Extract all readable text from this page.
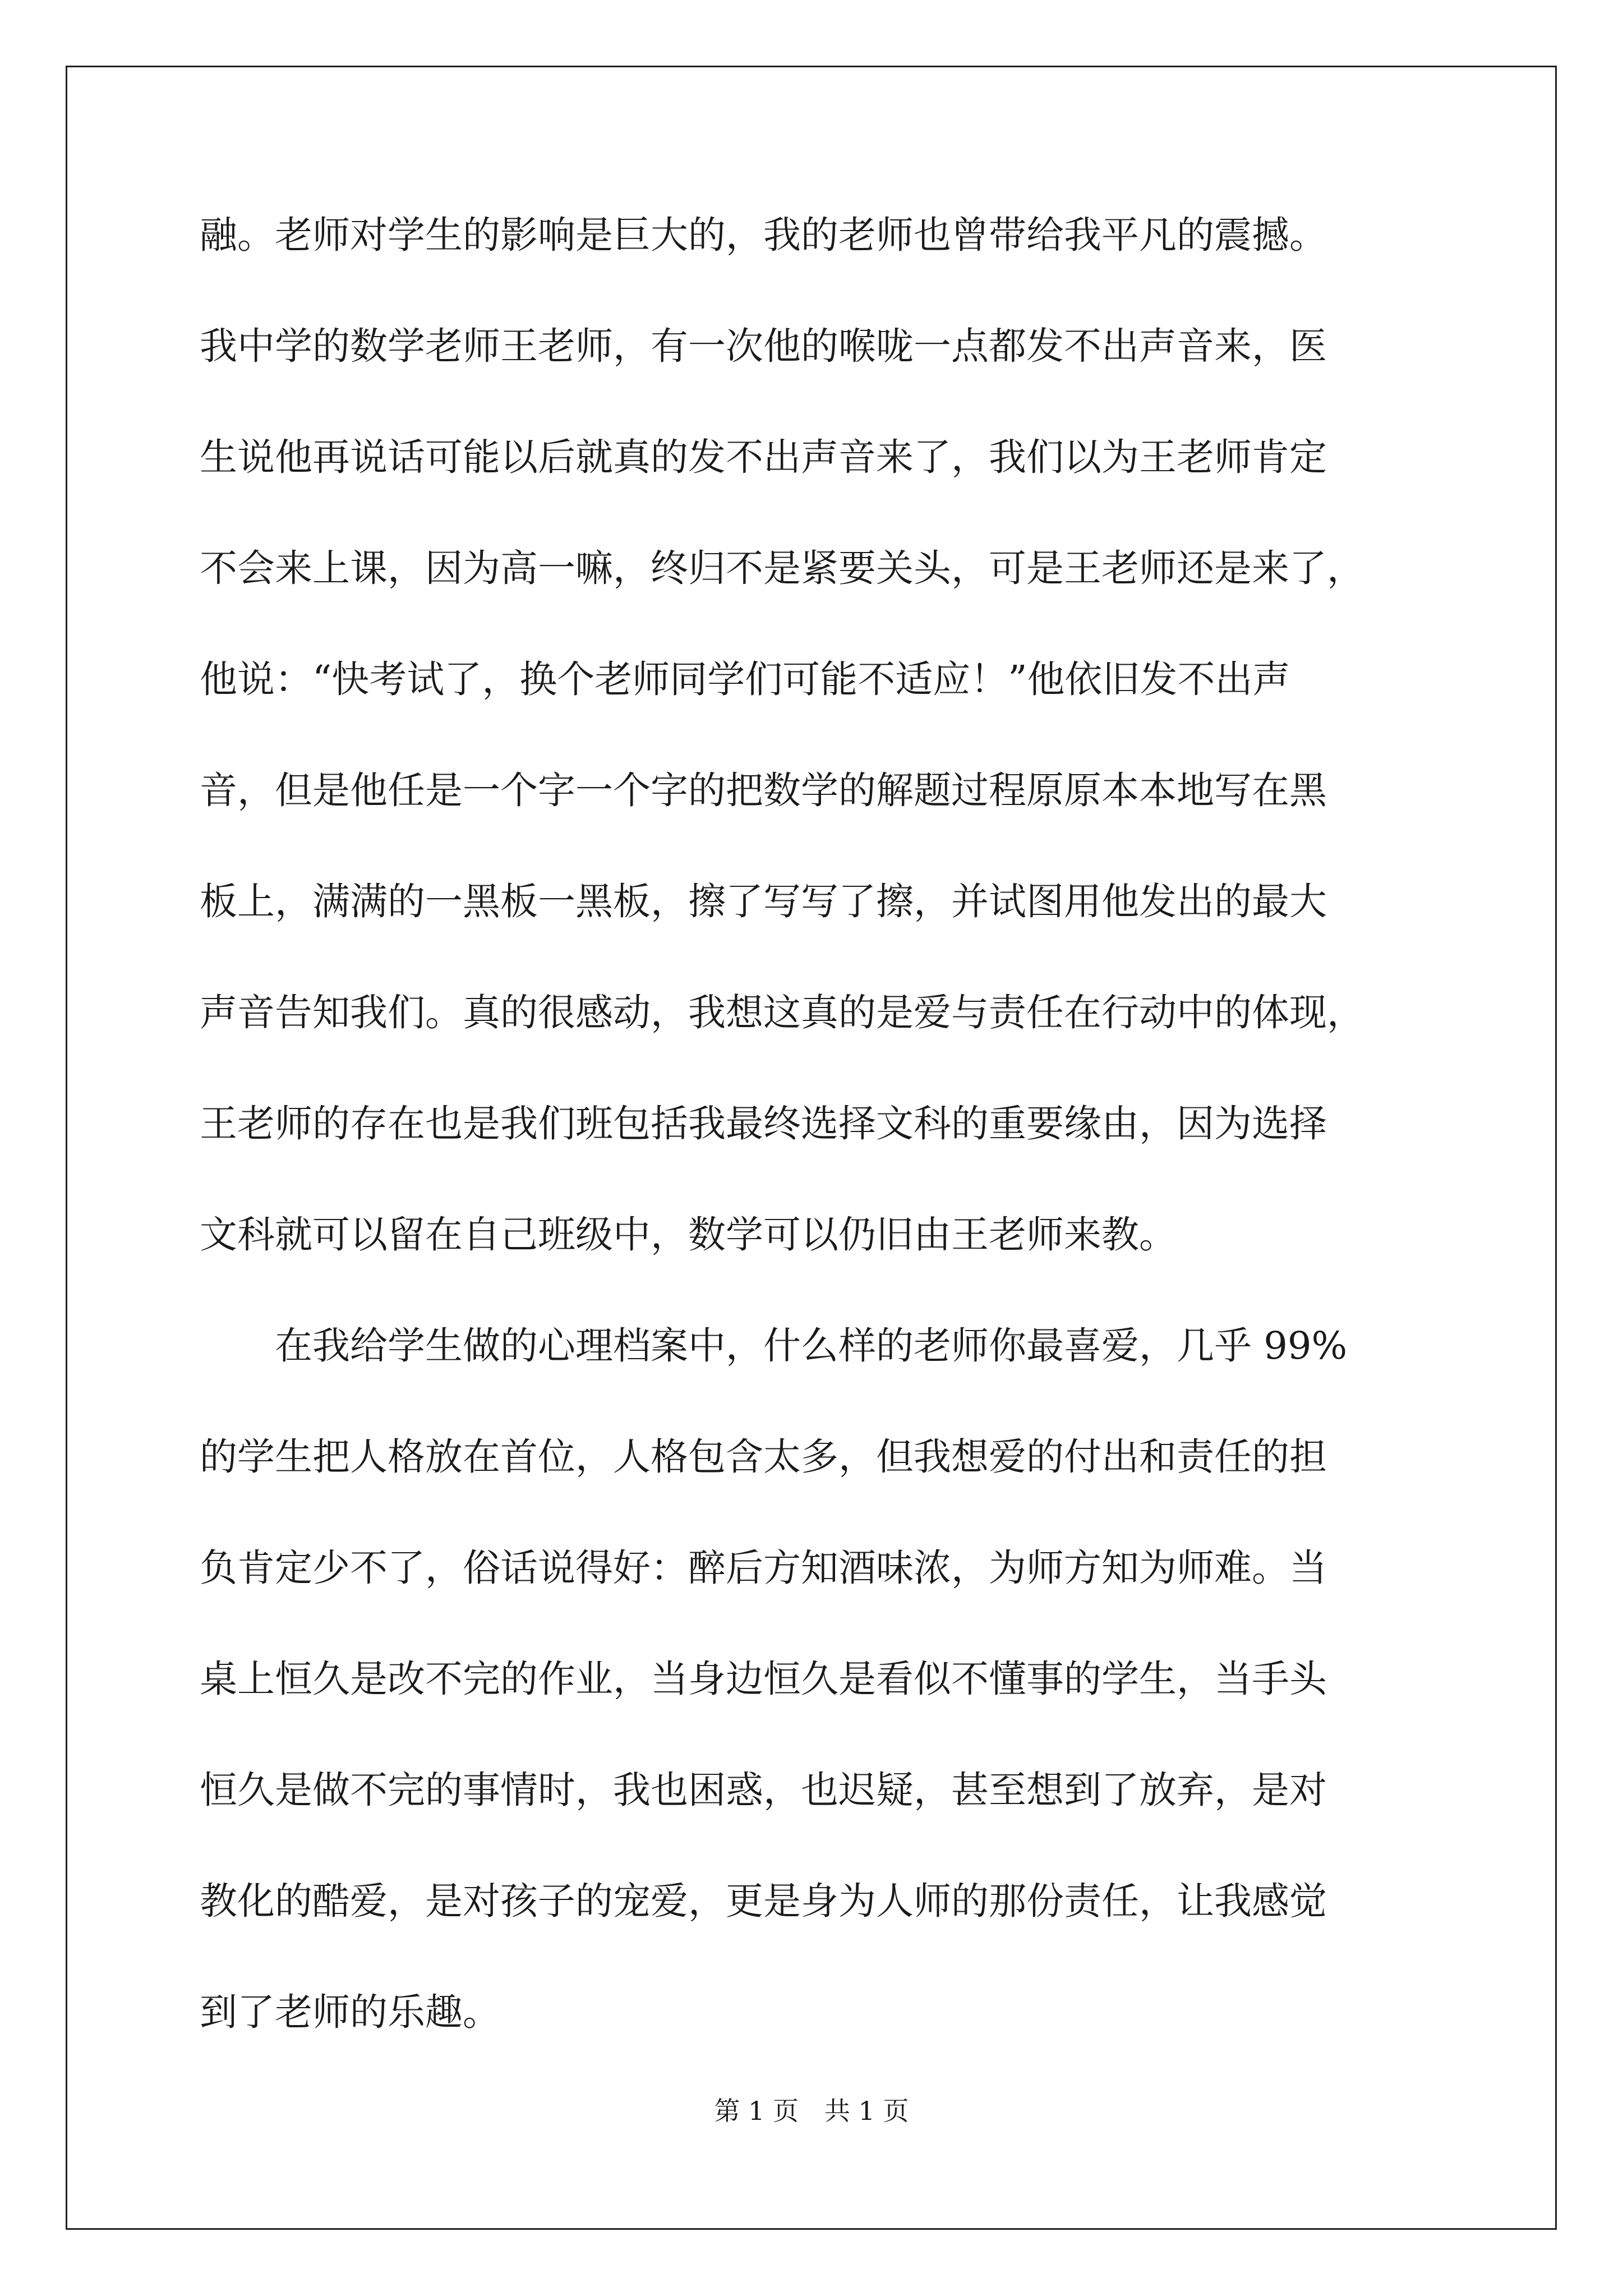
融。老师对学生的影响是巨大的，我的老师也曾带给我平凡的震撼。
我中学的数学老师王老师，有一次他的喉咙一点都发不出声音来，医
生说他再说话可能以后就真的发不出声音来了，我们以为王老师肯定
不会来上课，因为高一嘛，终归不是紧要关头，可是王老师还是来了，
他说：“快考试了，换个老师同学们可能不适应！”他依旧发不出声
音，但是他任是一个字一个字的把数学的解题过程原原本本地写在黑
板上，满满的一黑板一黑板，擦了写写了擦，并试图用他发出的最大
声音告知我们。真的很感动，我想这真的是爱与责任在行动中的体现，
王老师的存在也是我们班包括我最终选择文科的重要缘由，因为选择
文科就可以留在自己班级中，数学可以仍旧由王老师来教。

在我给学生做的心理档案中，什么样的老师你最喜爱，几乎 99%
的学生把人格放在首位，人格包含太多，但我想爱的付出和责任的担
负肯定少不了，俗话说得好：醉后方知酒味浓，为师方知为师难。当
桌上恒久是改不完的作业，当身边恒久是看似不懂事的学生，当手头
恒久是做不完的事情时，我也困惑，也迟疑，甚至想到了放弃，是对
教化的酷爱，是对孩子的宠爱，更是身为人师的那份责任，让我感觉
到了老师的乐趣。

第 1 页　共 1 页
